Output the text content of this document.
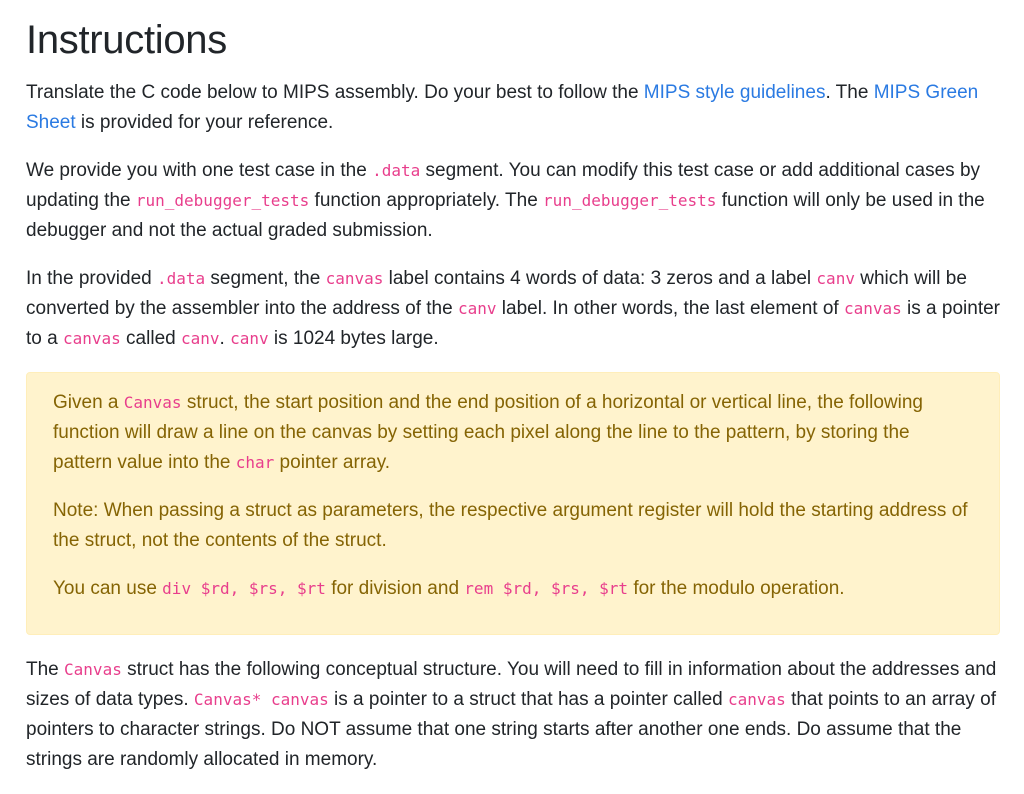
Instructions

Translate the C code below to MIPS assembly. Do your best to follow the MIPS style guidelines. The MIPS Green Sheet is provided for your reference.

We provide you with one test case in the .data segment. You can modify this test case or add additional cases by updating the run_debugger_tests function appropriately. The run_debugger_tests function will only be used in the debugger and not the actual graded submission.

In the provided .data segment, the canvas label contains 4 words of data: 3 zeros and a label canv which will be converted by the assembler into the address of the canv label. In other words, the last element of canvas is a pointer to a canvas called canv. canv is 1024 bytes large.

Given a Canvas struct, the start position and the end position of a horizontal or vertical line, the following function will draw a line on the canvas by setting each pixel along the line to the pattern, by storing the pattern value into the char pointer array.

Note: When passing a struct as parameters, the respective argument register will hold the starting address of the struct, not the contents of the struct.

You can use div $rd, $rs, $rt for division and rem $rd, $rs, $rt for the modulo operation.

The Canvas struct has the following conceptual structure. You will need to fill in information about the addresses and sizes of data types. Canvas* canvas is a pointer to a struct that has a pointer called canvas that points to an array of pointers to character strings. Do NOT assume that one string starts after another one ends. Do assume that the strings are randomly allocated in memory.
